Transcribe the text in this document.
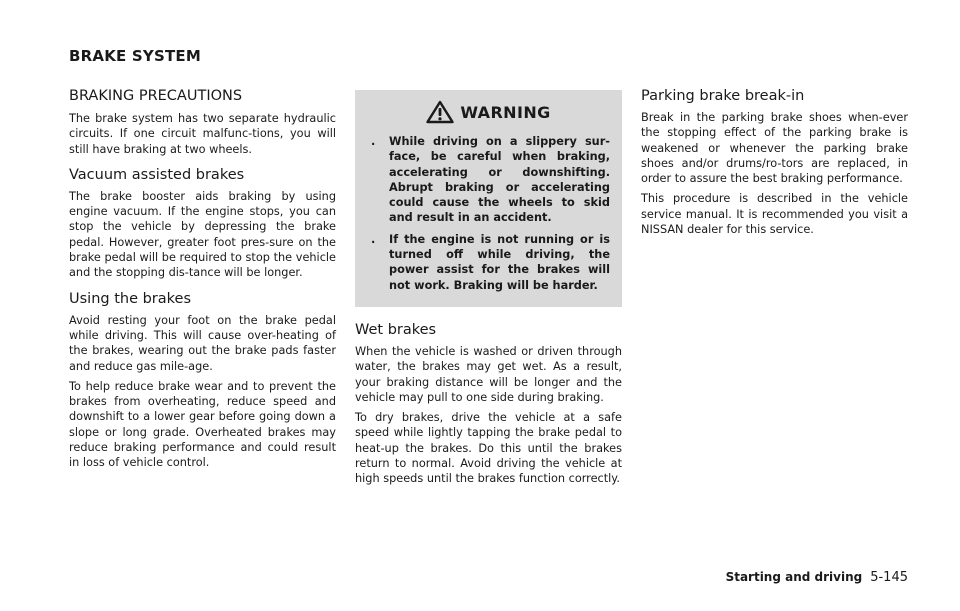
BRAKE SYSTEM
BRAKING PRECAUTIONS

The brake system has two separate hydraulic circuits. If one circuit malfunc-tions, you will still have braking at two wheels.

Vacuum assisted brakes

The brake booster aids braking by using engine vacuum. If the engine stops, you can stop the vehicle by depressing the brake pedal. However, greater foot pres-sure on the brake pedal will be required to stop the vehicle and the stopping dis-tance will be longer.

Using the brakes

Avoid resting your foot on the brake pedal while driving. This will cause over-heating of the brakes, wearing out the brake pads faster and reduce gas mile-age.

To help reduce brake wear and to prevent the brakes from overheating, reduce speed and downshift to a lower gear before going down a slope or long grade. Overheated brakes may reduce braking performance and could result in loss of vehicle control.

WARNING
. While driving on a slippery sur-face, be careful when braking, accelerating or downshifting. Abrupt braking or accelerating could cause the wheels to skid and result in an accident.
. If the engine is not running or is turned off while driving, the power assist for the brakes will not work. Braking will be harder.
Wet brakes

When the vehicle is washed or driven through water, the brakes may get wet. As a result, your braking distance will be longer and the vehicle may pull to one side during braking.

To dry brakes, drive the vehicle at a safe speed while lightly tapping the brake pedal to heat-up the brakes. Do this until the brakes return to normal. Avoid driving the vehicle at high speeds until the brakes function correctly.

Parking brake break-in

Break in the parking brake shoes when-ever the stopping effect of the parking brake is weakened or whenever the parking brake shoes and/or drums/ro-tors are replaced, in order to assure the best braking performance.

This procedure is described in the vehicle service manual. It is recommended you visit a NISSAN dealer for this service.

Starting and driving 5-145
